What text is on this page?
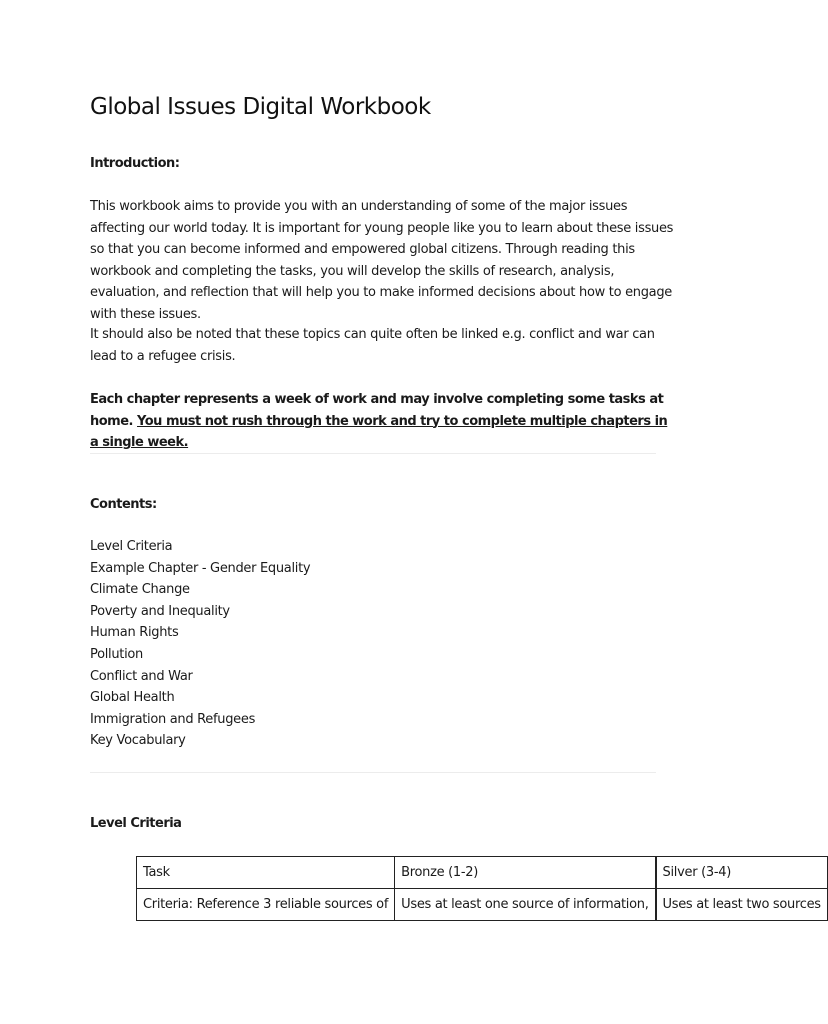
Global Issues Digital Workbook

Introduction:

This workbook aims to provide you with an understanding of some of the major issues affecting our world today. It is important for young people like you to learn about these issues so that you can become informed and empowered global citizens. Through reading this workbook and completing the tasks, you will develop the skills of research, analysis, evaluation, and reflection that will help you to make informed decisions about how to engage with these issues.

It should also be noted that these topics can quite often be linked e.g. conflict and war can lead to a refugee crisis.

Each chapter represents a week of work and may involve completing some tasks at home. You must not rush through the work and try to complete multiple chapters in a single week.

Contents:

Level Criteria
Example Chapter - Gender Equality
Climate Change
Poverty and Inequality
Human Rights
Pollution
Conflict and War
Global Health
Immigration and Refugees
Key Vocabulary

Level Criteria

Task	Bronze (1-2)	Silver (3-4)
Criteria: Reference 3 reliable sources of	Uses at least one source of information,	Uses at least two sources
